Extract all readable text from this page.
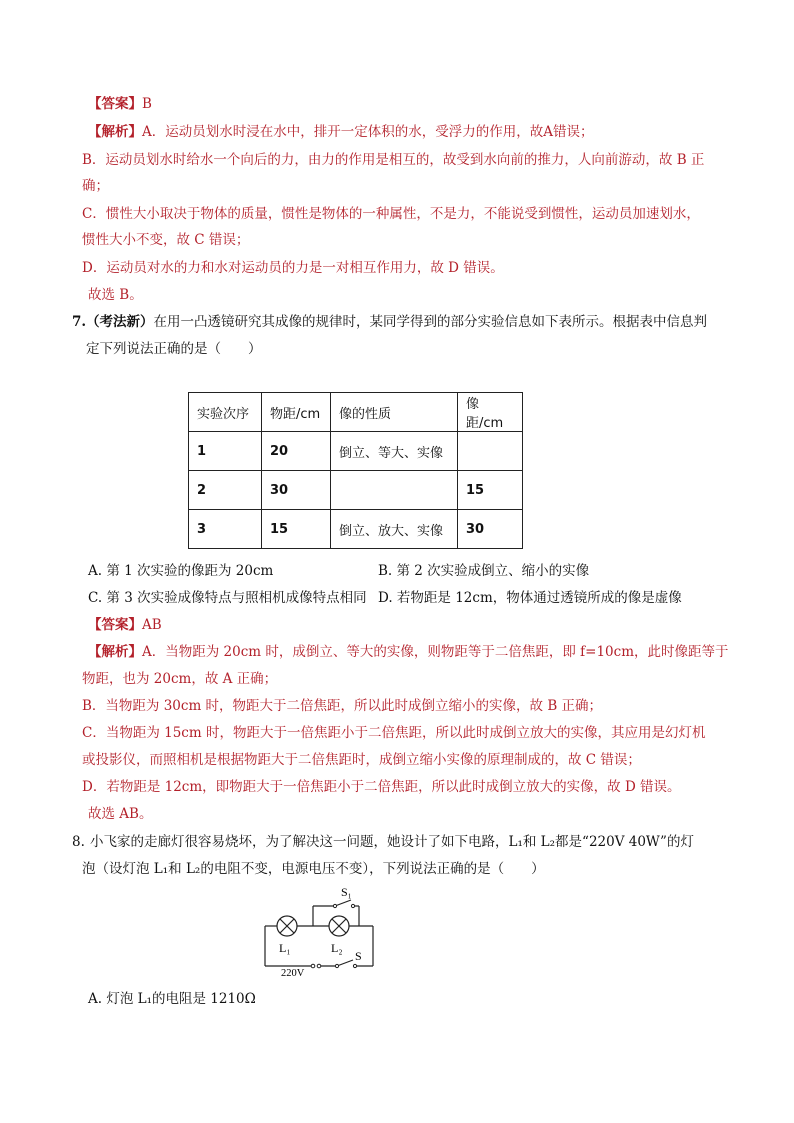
【答案】B
【解析】A．运动员划水时浸在水中，排开一定体积的水，受浮力的作用，故A错误；
B．运动员划水时给水一个向后的力，由力的作用是相互的，故受到水向前的推力，人向前游动，故 B 正
确；
C．惯性大小取决于物体的质量，惯性是物体的一种属性，不是力，不能说受到惯性，运动员加速划水，
惯性大小不变，故 C 错误；
D．运动员对水的力和水对运动员的力是一对相互作用力，故 D 错误。
故选 B。
7. （考法新）在用一凸透镜研究其成像的规律时，某同学得到的部分实验信息如下表所示。根据表中信息判
定下列说法正确的是（　　）
实验次序	物距/cm	像的性质	像距/cm
1	20	倒立、等大、实像	
2	30		15
3	15	倒立、放大、实像	30
A. 第 1 次实验的像距为 20cm	B. 第 2 次实验成倒立、缩小的实像
C. 第 3 次实验成像特点与照相机成像特点相同 D. 若物距是 12cm，物体通过透镜所成的像是虚像
【答案】AB
【解析】A．当物距为 20cm 时，成倒立、等大的实像，则物距等于二倍焦距，即 f=10cm，此时像距等于
物距，也为 20cm，故 A 正确；
B．当物距为 30cm 时，物距大于二倍焦距，所以此时成倒立缩小的实像，故 B 正确；
C．当物距为 15cm 时，物距大于一倍焦距小于二倍焦距，所以此时成倒立放大的实像，其应用是幻灯机
或投影仪，而照相机是根据物距大于二倍焦距时，成倒立缩小实像的原理制成的，故 C 错误；
D．若物距是 12cm，即物距大于一倍焦距小于二倍焦距，所以此时成倒立放大的实像，故 D 错误。
故选 AB。
8. 小飞家的走廊灯很容易烧坏，为了解决这一问题，她设计了如下电路，L₁和 L₂都是“220V 40W”的灯
泡（设灯泡 L₁和 L₂的电阻不变，电源电压不变），下列说法正确的是（　　）
S₁
L₁	L₂
S
220V
A. 灯泡 L₁的电阻是 1210Ω
